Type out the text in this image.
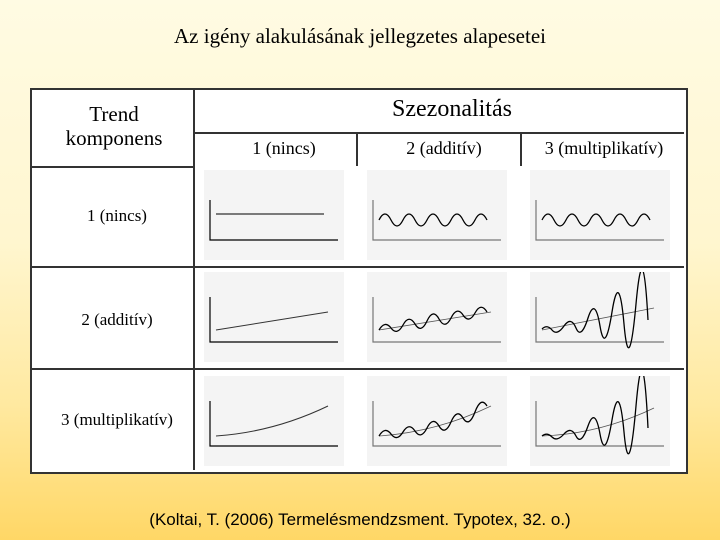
Az igény alakulásának jellegzetes alapesetei
Trend
komponens
Szezonalitás
1 (nincs)	2 (additív)	3 (multiplikatív)
1 (nincs)
2 (additív)
3 (multiplikatív)
(Koltai, T. (2006) Termelésmendzsment. Typotex, 32. o.)
